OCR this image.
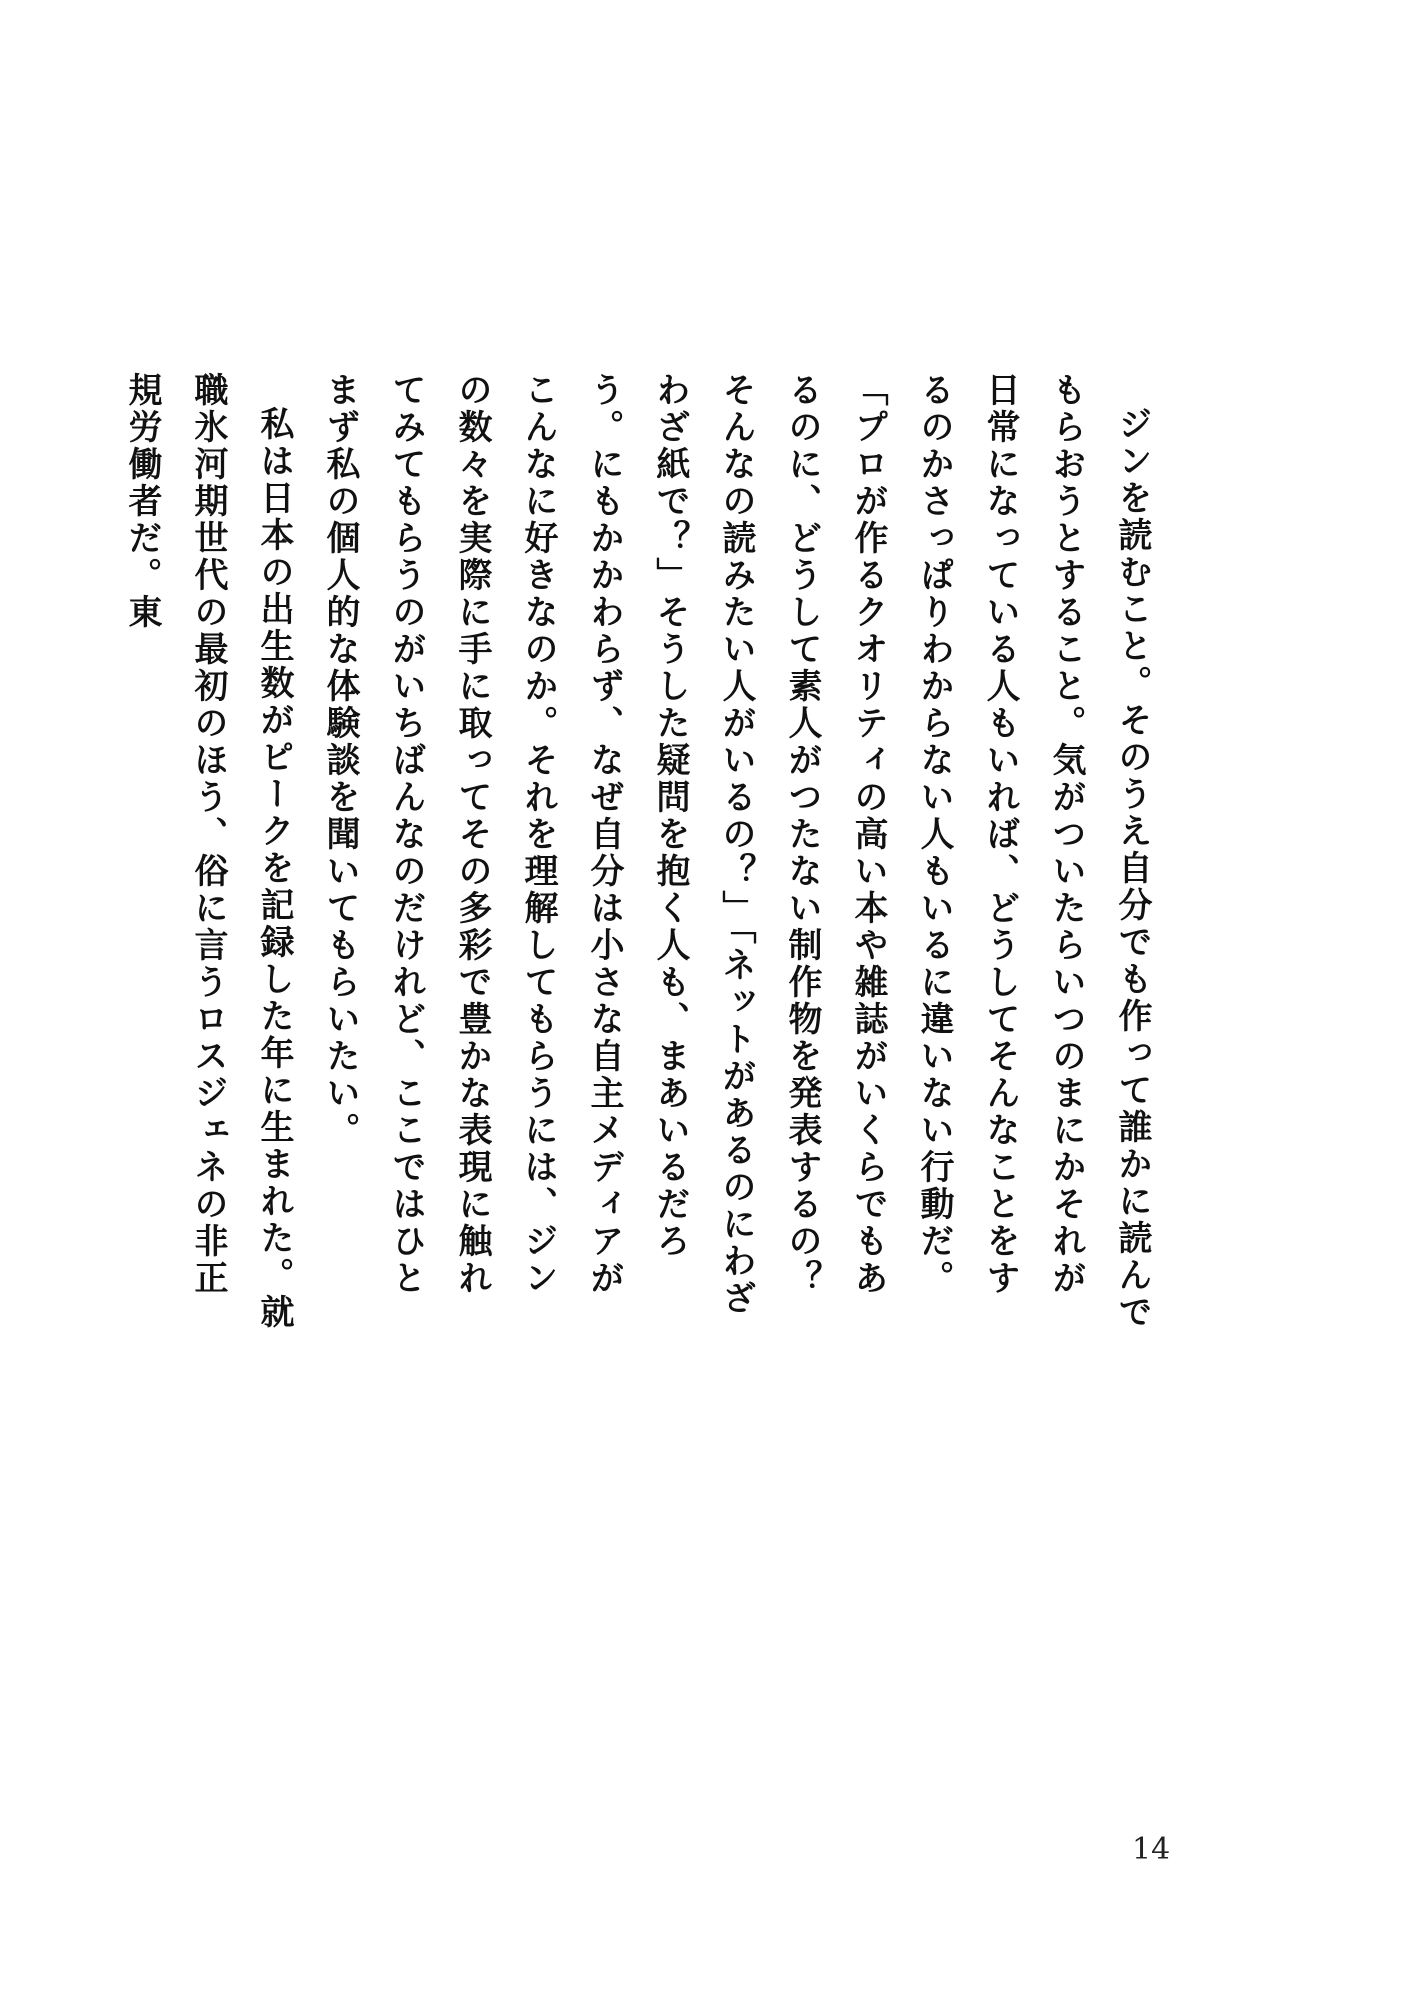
ジンを読むこと。そのうえ自分でも作って誰かに読んでもらおうとすること。気がついたらいつのまにかそれが日常になっている人もいれば、どうしてそんなことをするのかさっぱりわからない人もいるに違いない行動だ。

「プロが作るクオリティの高い本や雑誌がいくらでもあるのに、どうして素人がつたない制作物を発表するの？　そんなの読みたい人がいるの？」「ネットがあるのにわざわざ紙で？」そうした疑問を抱く人も、まあいるだろう。にもかかわらず、なぜ自分は小さな自主メディアがこんなに好きなのか。それを理解してもらうには、ジンの数々を実際に手に取ってその多彩で豊かな表現に触れてみてもらうのがいちばんなのだけれど、ここではひとまず私の個人的な体験談を聞いてもらいたい。

私は日本の出生数がピークを記録した年に生まれた。就職氷河期世代の最初のほう、俗に言うロスジェネの非正規労働者だ。東

14
